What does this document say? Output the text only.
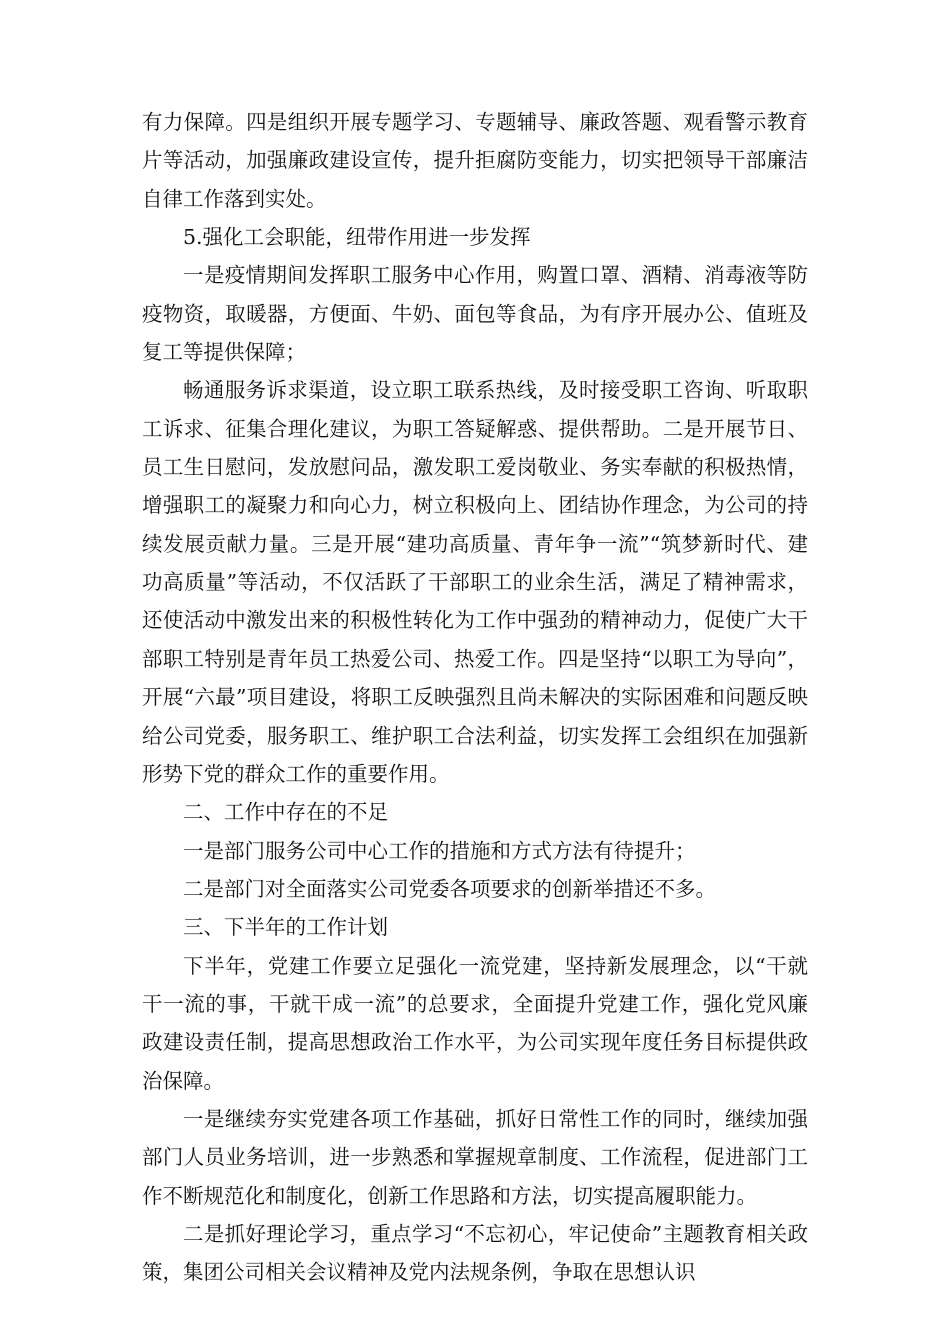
有力保障。四是组织开展专题学习、专题辅导、廉政答题、观看警示教育片等活动，加强廉政建设宣传，提升拒腐防变能力，切实把领导干部廉洁自律工作落到实处。

5.强化工会职能，纽带作用进一步发挥

一是疫情期间发挥职工服务中心作用，购置口罩、酒精、消毒液等防疫物资，取暖器，方便面、牛奶、面包等食品，为有序开展办公、值班及复工等提供保障；

畅通服务诉求渠道，设立职工联系热线，及时接受职工咨询、听取职工诉求、征集合理化建议，为职工答疑解惑、提供帮助。二是开展节日、员工生日慰问，发放慰问品，激发职工爱岗敬业、务实奉献的积极热情，增强职工的凝聚力和向心力，树立积极向上、团结协作理念，为公司的持续发展贡献力量。三是开展“建功高质量、青年争一流”“筑梦新时代、建功高质量”等活动，不仅活跃了干部职工的业余生活，满足了精神需求，还使活动中激发出来的积极性转化为工作中强劲的精神动力，促使广大干部职工特别是青年员工热爱公司、热爱工作。四是坚持“以职工为导向”，开展“六最”项目建设，将职工反映强烈且尚未解决的实际困难和问题反映给公司党委，服务职工、维护职工合法利益，切实发挥工会组织在加强新形势下党的群众工作的重要作用。

二、工作中存在的不足

一是部门服务公司中心工作的措施和方式方法有待提升；

二是部门对全面落实公司党委各项要求的创新举措还不多。

三、下半年的工作计划

下半年，党建工作要立足强化一流党建，坚持新发展理念，以“干就干一流的事，干就干成一流”的总要求，全面提升党建工作，强化党风廉政建设责任制，提高思想政治工作水平，为公司实现年度任务目标提供政治保障。

一是继续夯实党建各项工作基础，抓好日常性工作的同时，继续加强部门人员业务培训，进一步熟悉和掌握规章制度、工作流程，促进部门工作不断规范化和制度化，创新工作思路和方法，切实提高履职能力。

二是抓好理论学习，重点学习“不忘初心，牢记使命”主题教育相关政策，集团公司相关会议精神及党内法规条例，争取在思想认识
